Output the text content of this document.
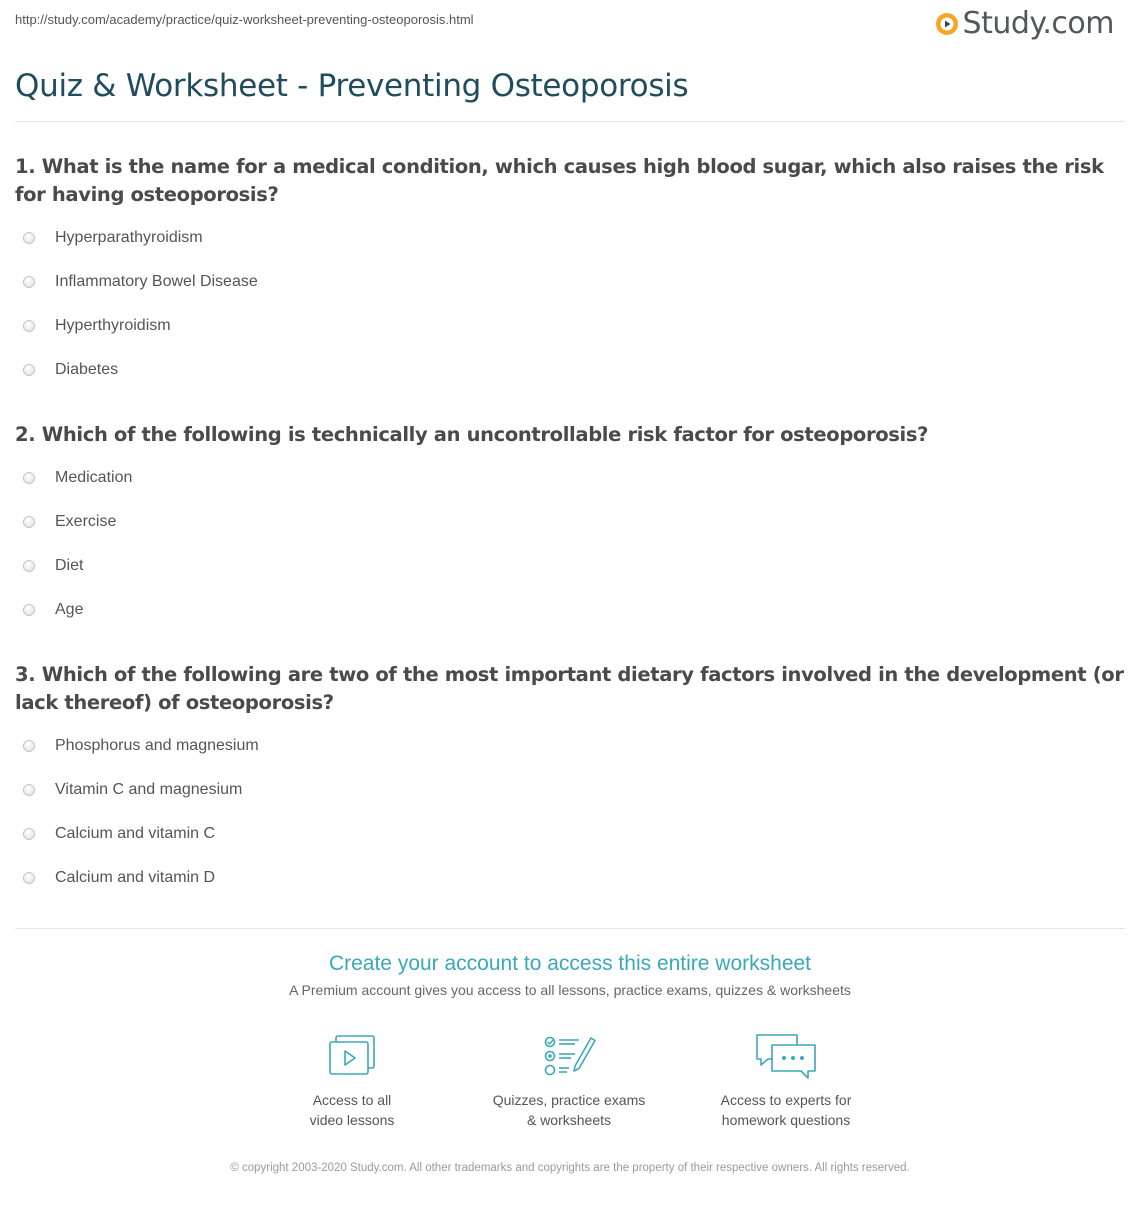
http://study.com/academy/practice/quiz-worksheet-preventing-osteoporosis.html	Study.com
Quiz & Worksheet - Preventing Osteoporosis

1. What is the name for a medical condition, which causes high blood sugar, which also raises the risk for having osteoporosis?

Hyperparathyroidism
Inflammatory Bowel Disease
Hyperthyroidism
Diabetes

2. Which of the following is technically an uncontrollable risk factor for osteoporosis?

Medication
Exercise
Diet
Age

3. Which of the following are two of the most important dietary factors involved in the development (or lack thereof) of osteoporosis?

Phosphorus and magnesium
Vitamin C and magnesium
Calcium and vitamin C
Calcium and vitamin D

Create your account to access this entire worksheet

A Premium account gives you access to all lessons, practice exams, quizzes & worksheets
Access to all
video lessons
Quizzes, practice exams
& worksheets
Access to experts for
homework questions
© copyright 2003-2020 Study.com. All other trademarks and copyrights are the property of their respective owners. All rights reserved.
